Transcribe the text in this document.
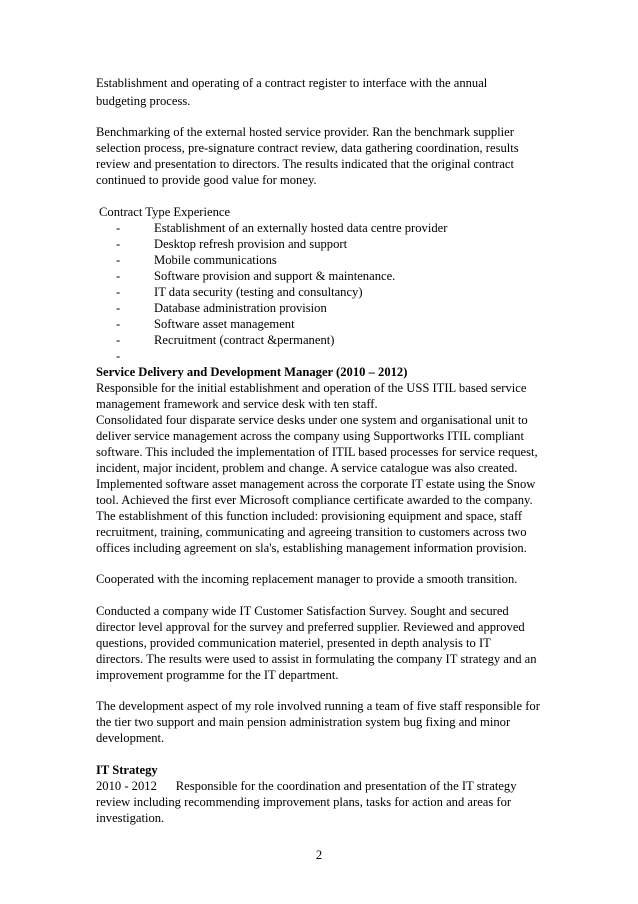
Establishment and operating of a contract register to interface with the annual
budgeting process.
Benchmarking of the external hosted service provider. Ran the benchmark supplier
selection process, pre-signature contract review, data gathering coordination, results
review and presentation to directors. The results indicated that the original contract
continued to provide good value for money.
Contract Type Experience
-	Establishment of an externally hosted data centre provider
-	Desktop refresh provision and support
-	Mobile communications
-	Software provision and support & maintenance.
-	IT data security (testing and consultancy)
-	Database administration provision
-	Software asset management
-	Recruitment (contract &permanent)
-
Service Delivery and Development Manager (2010 – 2012)
Responsible for the initial establishment and operation of the USS ITIL based service
management framework and service desk with ten staff.
Consolidated four disparate service desks under one system and organisational unit to
deliver service management across the company using Supportworks ITIL compliant
software. This included the implementation of ITIL based processes for service request,
incident, major incident, problem and change. A service catalogue was also created.
Implemented software asset management across the corporate IT estate using the Snow
tool. Achieved the first ever Microsoft compliance certificate awarded to the company.
The establishment of this function included: provisioning equipment and space, staff
recruitment, training, communicating and agreeing transition to customers across two
offices including agreement on sla's, establishing management information provision.
Cooperated with the incoming replacement manager to provide a smooth transition.
Conducted a company wide IT Customer Satisfaction Survey. Sought and secured
director level approval for the survey and preferred supplier. Reviewed and approved
questions, provided communication materiel, presented in depth analysis to IT
directors. The results were used to assist in formulating the company IT strategy and an
improvement programme for the IT department.
The development aspect of my role involved running a team of five staff responsible for
the tier two support and main pension administration system bug fixing and minor
development.
IT Strategy
2010 - 2012      Responsible for the coordination and presentation of the IT strategy
review including recommending improvement plans, tasks for action and areas for
investigation.
2
